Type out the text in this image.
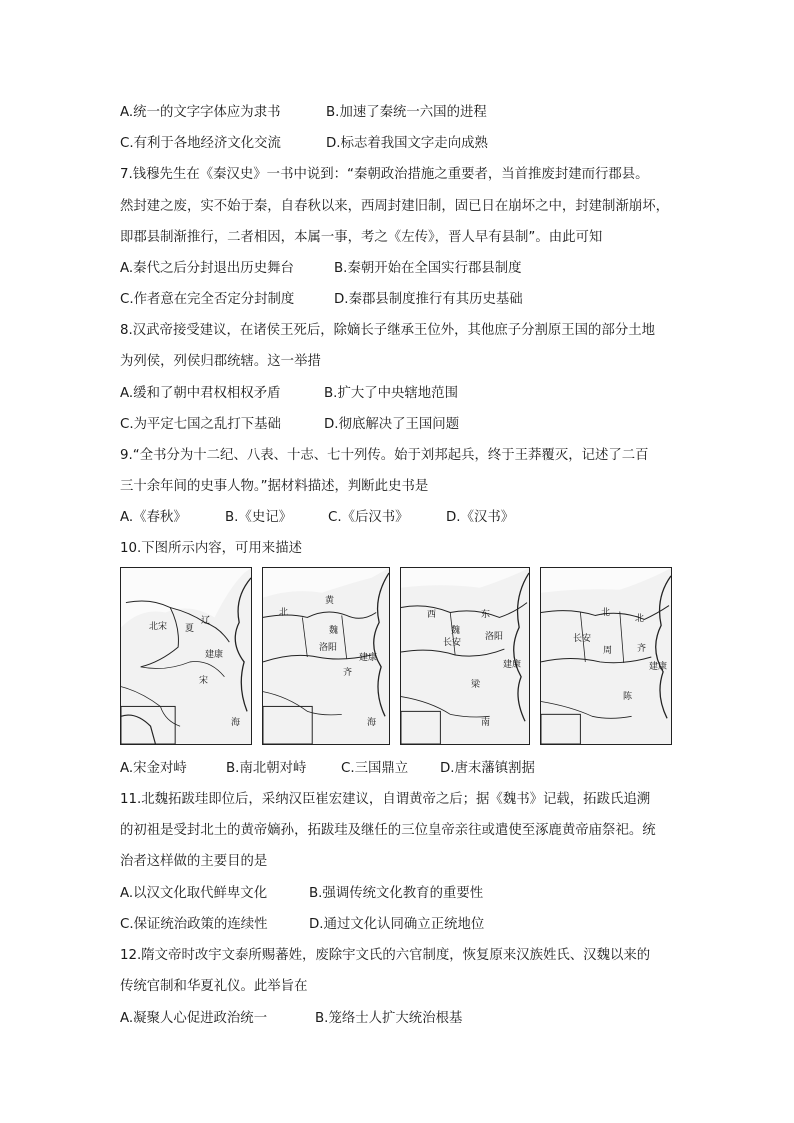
A.统一的文字字体应为隶书	B.加速了秦统一六国的进程
C.有利于各地经济文化交流	D.标志着我国文字走向成熟
7.钱穆先生在《秦汉史》一书中说到：“秦朝政治措施之重要者，当首推废封建而行郡县。
然封建之废，实不始于秦，自春秋以来，西周封建旧制，固已日在崩坏之中，封建制渐崩坏，
即郡县制渐推行，二者相因，本属一事，考之《左传》，晋人早有县制”。由此可知
A.秦代之后分封退出历史舞台	B.秦朝开始在全国实行郡县制度
C.作者意在完全否定分封制度	D.秦郡县制度推行有其历史基础
8.汉武帝接受建议，在诸侯王死后，除嫡长子继承王位外，其他庶子分割原王国的部分土地
为列侯，列侯归郡统辖。这一举措
A.缓和了朝中君权相权矛盾	B.扩大了中央辖地范围
C.为平定七国之乱打下基础	D.彻底解决了王国问题
9.“全书分为十二纪、八表、十志、七十列传。始于刘邦起兵，终于王莽覆灭，记述了二百
三十余年间的史事人物。”据材料描述，判断此史书是
A.《春秋》	B.《史记》	C.《后汉书》	D.《汉书》
10.下图所示内容，可用来描述
北宋 夏
辽
建康
宋
海
北
黄
魏
洛阳
齐
建康
海
西	东
魏
长安
洛阳
建康
梁
南
北
北
长安
周	齐
建康
陈
A.宋金对峙	B.南北朝对峙	C.三国鼎立	D.唐末藩镇割据
11.北魏拓跋珪即位后，采纳汉臣崔宏建议，自谓黄帝之后；据《魏书》记载，拓跋氏追溯
的初祖是受封北土的黄帝嫡孙，拓跋珪及继任的三位皇帝亲往或遣使至涿鹿黄帝庙祭祀。统
治者这样做的主要目的是
A.以汉文化取代鲜卑文化	B.强调传统文化教育的重要性
C.保证统治政策的连续性	D.通过文化认同确立正统地位
12.隋文帝时改宇文泰所赐蕃姓，废除宇文氏的六官制度，恢复原来汉族姓氏、汉魏以来的
传统官制和华夏礼仪。此举旨在
A.凝聚人心促进政治统一	B.笼络士人扩大统治根基
